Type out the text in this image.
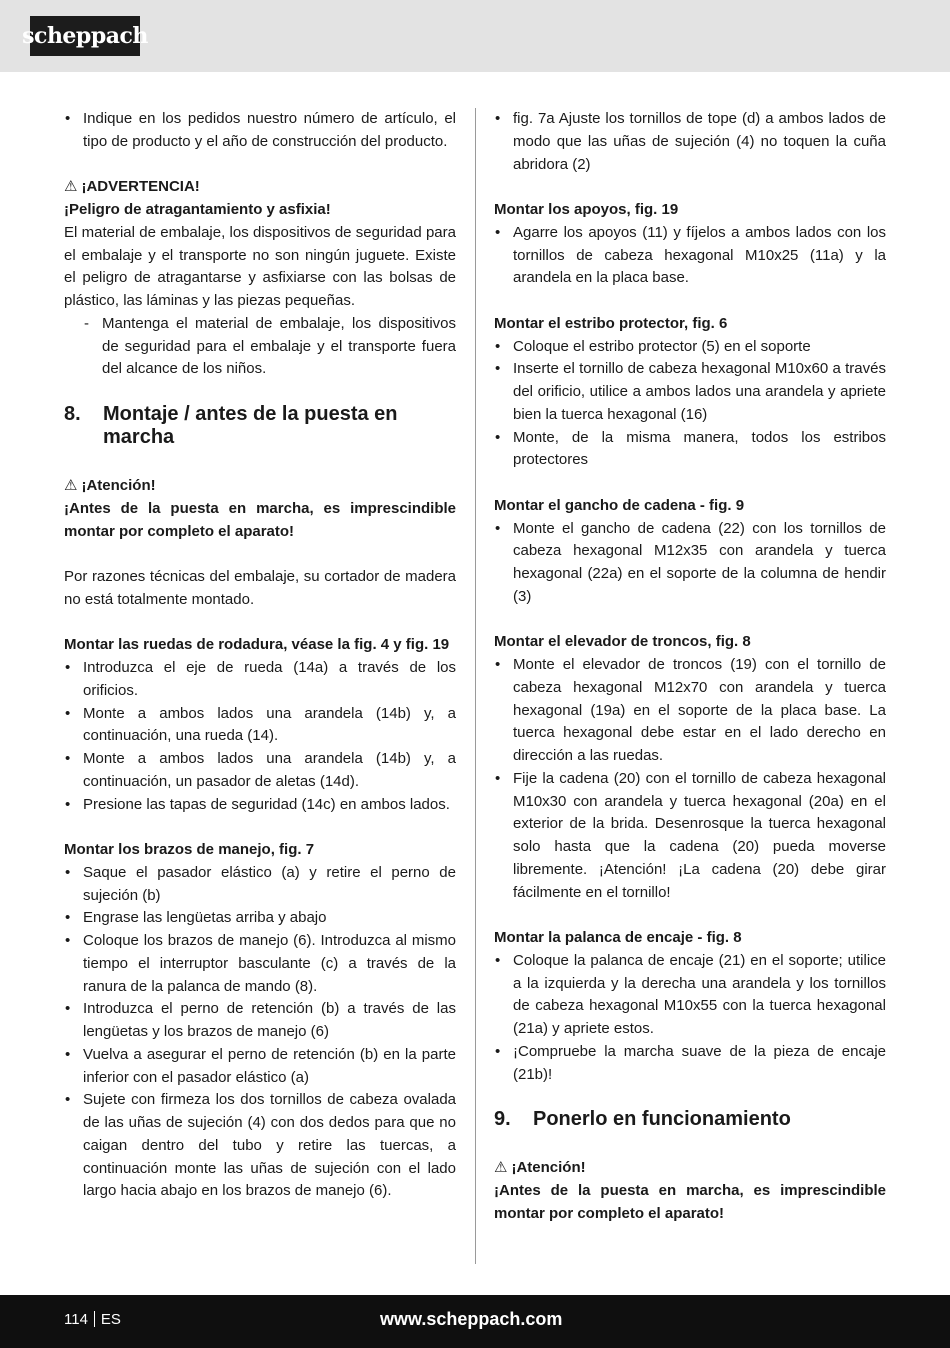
scheppach
• Indique en los pedidos nuestro número de artículo, el tipo de producto y el año de construcción del producto.

⚠ ¡ADVERTENCIA!

¡Peligro de atragantamiento y asfixia!

El material de embalaje, los dispositivos de seguridad para el embalaje y el transporte no son ningún juguete. Existe el peligro de atragantarse y asfixiarse con las bolsas de plástico, las láminas y las piezas pequeñas.

- Mantenga el material de embalaje, los dispositivos de seguridad para el embalaje y el transporte fuera del alcance de los niños.
8.	Montaje / antes de la puesta en marcha

⚠ ¡Atención!

¡Antes de la puesta en marcha, es imprescindible montar por completo el aparato!

Por razones técnicas del embalaje, su cortador de madera no está totalmente montado.

Montar las ruedas de rodadura, véase la fig. 4 y fig. 19

• Introduzca el eje de rueda (14a) a través de los orificios.
• Monte a ambos lados una arandela (14b) y, a continuación, una rueda (14).
• Monte a ambos lados una arandela (14b) y, a continuación, un pasador de aletas (14d).
• Presione las tapas de seguridad (14c) en ambos lados.

Montar los brazos de manejo, fig. 7

• Saque el pasador elástico (a) y retire el perno de sujeción (b)
• Engrase las lengüetas arriba y abajo
• Coloque los brazos de manejo (6). Introduzca al mismo tiempo el interruptor basculante (c) a través de la ranura de la palanca de mando (8).
• Introduzca el perno de retención (b) a través de las lengüetas y los brazos de manejo (6)
• Vuelva a asegurar el perno de retención (b) en la parte inferior con el pasador elástico (a)
• Sujete con firmeza los dos tornillos de cabeza ovalada de las uñas de sujeción (4) con dos dedos para que no caigan dentro del tubo y retire las tuercas, a continuación monte las uñas de sujeción con el lado largo hacia abajo en los brazos de manejo (6).
• fig. 7a Ajuste los tornillos de tope (d) a ambos lados de modo que las uñas de sujeción (4) no toquen la cuña abridora (2)

Montar los apoyos, fig. 19

• Agarre los apoyos (11) y fíjelos a ambos lados con los tornillos de cabeza hexagonal M10x25 (11a) y la arandela en la placa base.

Montar el estribo protector, fig. 6

• Coloque el estribo protector (5) en el soporte
• Inserte el tornillo de cabeza hexagonal M10x60 a través del orificio, utilice a ambos lados una arandela y apriete bien la tuerca hexagonal (16)
• Monte, de la misma manera, todos los estribos protectores

Montar el gancho de cadena - fig. 9

• Monte el gancho de cadena (22) con los tornillos de cabeza hexagonal M12x35 con arandela y tuerca hexagonal (22a) en el soporte de la columna de hendir (3)

Montar el elevador de troncos, fig. 8

• Monte el elevador de troncos (19) con el tornillo de cabeza hexagonal M12x70 con arandela y tuerca hexagonal (19a) en el soporte de la placa base. La tuerca hexagonal debe estar en el lado derecho en dirección a las ruedas.
• Fije la cadena (20) con el tornillo de cabeza hexagonal M10x30 con arandela y tuerca hexagonal (20a) en el exterior de la brida. Desenrosque la tuerca hexagonal solo hasta que la cadena (20) pueda moverse libremente. ¡Atención! ¡La cadena (20) debe girar fácilmente en el tornillo!

Montar la palanca de encaje - fig. 8

• Coloque la palanca de encaje (21) en el soporte; utilice a la izquierda y la derecha una arandela y los tornillos de cabeza hexagonal M10x55 con la tuerca hexagonal (21a) y apriete estos.
• ¡Compruebe la marcha suave de la pieza de encaje (21b)!
9.	Ponerlo en funcionamiento

⚠ ¡Atención!

¡Antes de la puesta en marcha, es imprescindible montar por completo el aparato!

114 ES	www.scheppach.com
